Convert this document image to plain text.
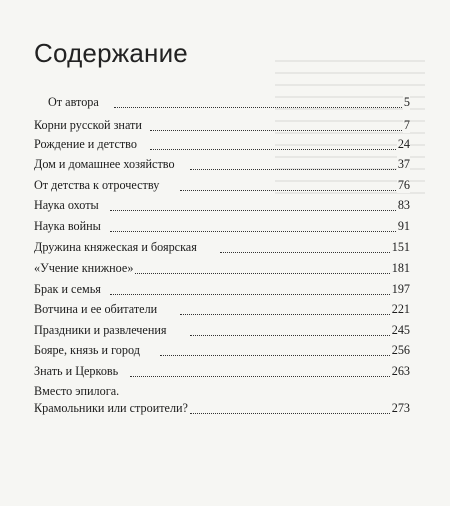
Содержание
От автора	5
Корни русской знати	7
Рождение и детство	24
Дом и домашнее хозяйство	37
От детства к отрочеству	76
Наука охоты	83
Наука войны	91
Дружина княжеская и боярская	151
«Учение книжное»	181
Брак и семья	197
Вотчина и ее обитатели	221
Праздники и развлечения	245
Бояре, князь и город	256
Знать и Церковь	263
Вместо эпилога.
Крамольники или строители?	273
